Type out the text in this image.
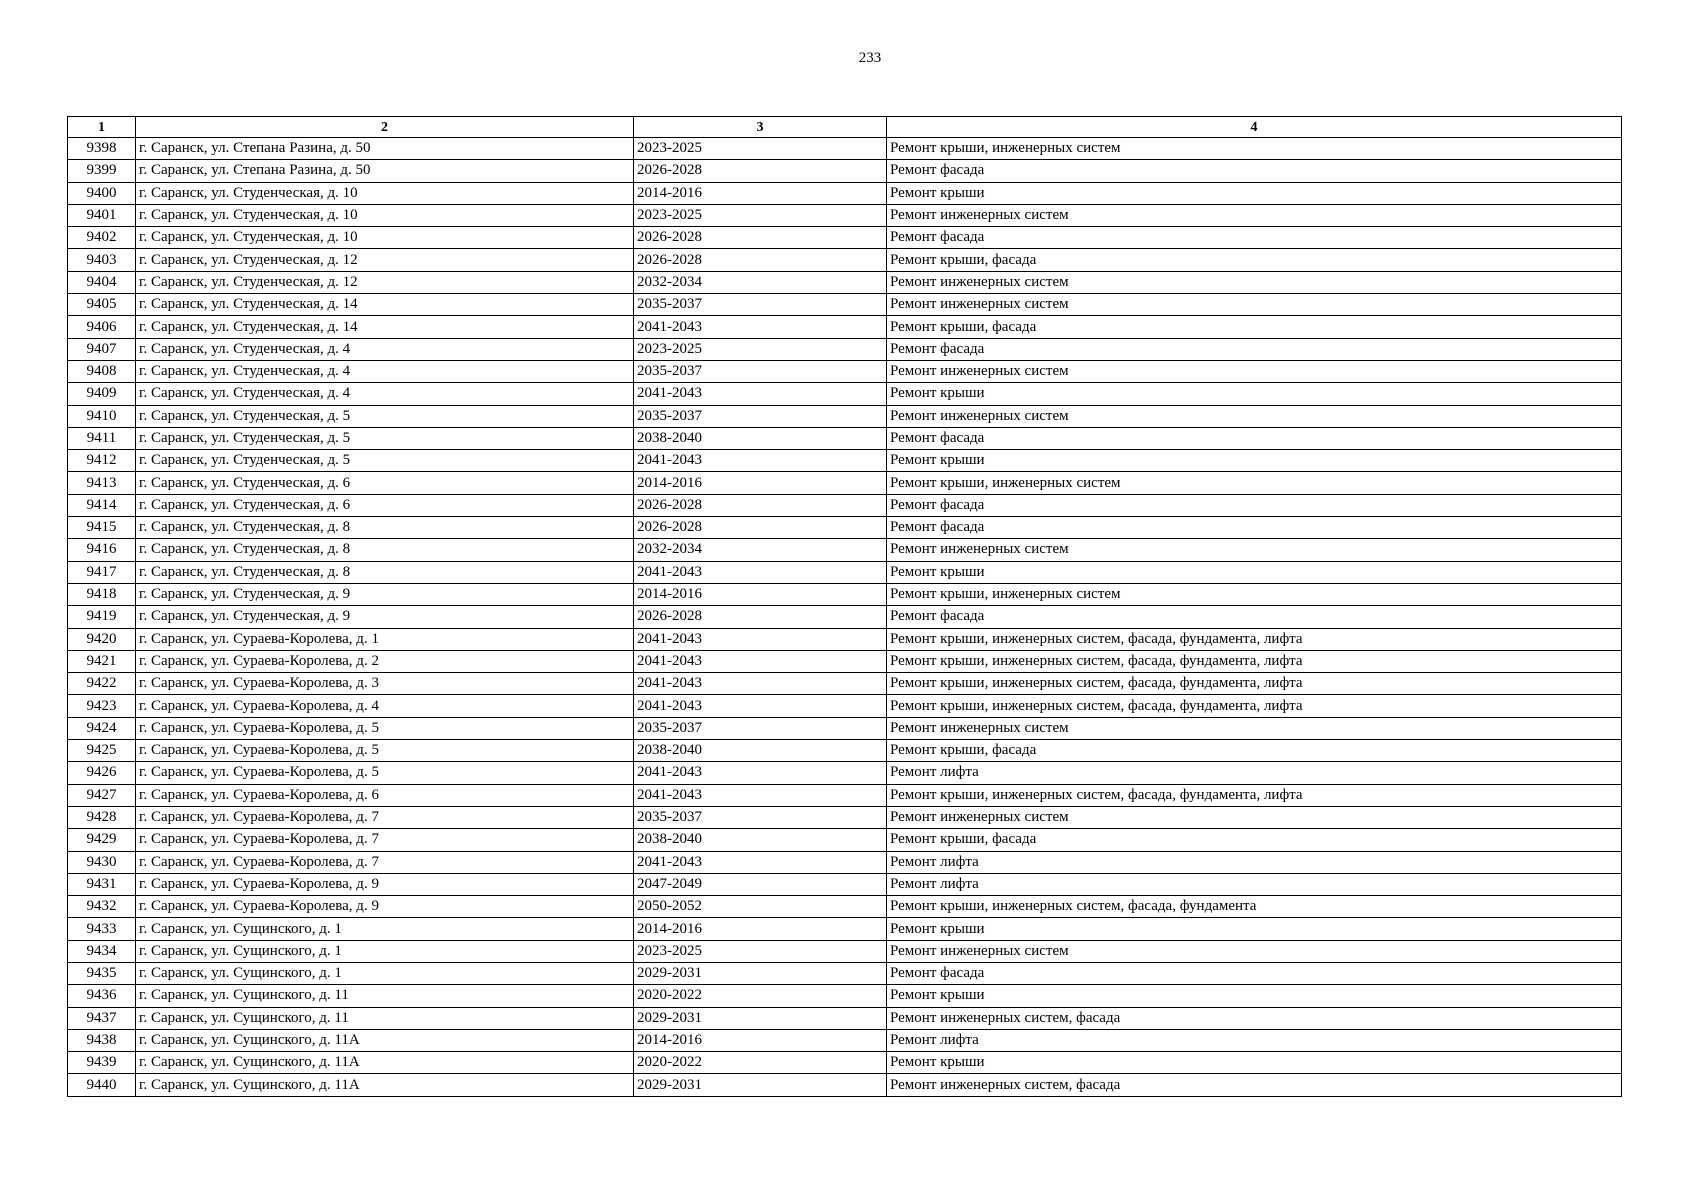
233
1	2	3	4
9398	г. Саранск, ул. Степана Разина, д. 50	2023-2025	Ремонт крыши, инженерных систем
9399	г. Саранск, ул. Степана Разина, д. 50	2026-2028	Ремонт фасада
9400	г. Саранск, ул. Студенческая, д. 10	2014-2016	Ремонт крыши
9401	г. Саранск, ул. Студенческая, д. 10	2023-2025	Ремонт инженерных систем
9402	г. Саранск, ул. Студенческая, д. 10	2026-2028	Ремонт фасада
9403	г. Саранск, ул. Студенческая, д. 12	2026-2028	Ремонт крыши, фасада
9404	г. Саранск, ул. Студенческая, д. 12	2032-2034	Ремонт инженерных систем
9405	г. Саранск, ул. Студенческая, д. 14	2035-2037	Ремонт инженерных систем
9406	г. Саранск, ул. Студенческая, д. 14	2041-2043	Ремонт крыши, фасада
9407	г. Саранск, ул. Студенческая, д. 4	2023-2025	Ремонт фасада
9408	г. Саранск, ул. Студенческая, д. 4	2035-2037	Ремонт инженерных систем
9409	г. Саранск, ул. Студенческая, д. 4	2041-2043	Ремонт крыши
9410	г. Саранск, ул. Студенческая, д. 5	2035-2037	Ремонт инженерных систем
9411	г. Саранск, ул. Студенческая, д. 5	2038-2040	Ремонт фасада
9412	г. Саранск, ул. Студенческая, д. 5	2041-2043	Ремонт крыши
9413	г. Саранск, ул. Студенческая, д. 6	2014-2016	Ремонт крыши, инженерных систем
9414	г. Саранск, ул. Студенческая, д. 6	2026-2028	Ремонт фасада
9415	г. Саранск, ул. Студенческая, д. 8	2026-2028	Ремонт фасада
9416	г. Саранск, ул. Студенческая, д. 8	2032-2034	Ремонт инженерных систем
9417	г. Саранск, ул. Студенческая, д. 8	2041-2043	Ремонт крыши
9418	г. Саранск, ул. Студенческая, д. 9	2014-2016	Ремонт крыши, инженерных систем
9419	г. Саранск, ул. Студенческая, д. 9	2026-2028	Ремонт фасада
9420	г. Саранск, ул. Сураева-Королева, д. 1	2041-2043	Ремонт крыши, инженерных систем, фасада, фундамента, лифта
9421	г. Саранск, ул. Сураева-Королева, д. 2	2041-2043	Ремонт крыши, инженерных систем, фасада, фундамента, лифта
9422	г. Саранск, ул. Сураева-Королева, д. 3	2041-2043	Ремонт крыши, инженерных систем, фасада, фундамента, лифта
9423	г. Саранск, ул. Сураева-Королева, д. 4	2041-2043	Ремонт крыши, инженерных систем, фасада, фундамента, лифта
9424	г. Саранск, ул. Сураева-Королева, д. 5	2035-2037	Ремонт инженерных систем
9425	г. Саранск, ул. Сураева-Королева, д. 5	2038-2040	Ремонт крыши, фасада
9426	г. Саранск, ул. Сураева-Королева, д. 5	2041-2043	Ремонт лифта
9427	г. Саранск, ул. Сураева-Королева, д. 6	2041-2043	Ремонт крыши, инженерных систем, фасада, фундамента, лифта
9428	г. Саранск, ул. Сураева-Королева, д. 7	2035-2037	Ремонт инженерных систем
9429	г. Саранск, ул. Сураева-Королева, д. 7	2038-2040	Ремонт крыши, фасада
9430	г. Саранск, ул. Сураева-Королева, д. 7	2041-2043	Ремонт лифта
9431	г. Саранск, ул. Сураева-Королева, д. 9	2047-2049	Ремонт лифта
9432	г. Саранск, ул. Сураева-Королева, д. 9	2050-2052	Ремонт крыши, инженерных систем, фасада, фундамента
9433	г. Саранск, ул. Сущинского, д. 1	2014-2016	Ремонт крыши
9434	г. Саранск, ул. Сущинского, д. 1	2023-2025	Ремонт инженерных систем
9435	г. Саранск, ул. Сущинского, д. 1	2029-2031	Ремонт фасада
9436	г. Саранск, ул. Сущинского, д. 11	2020-2022	Ремонт крыши
9437	г. Саранск, ул. Сущинского, д. 11	2029-2031	Ремонт инженерных систем, фасада
9438	г. Саранск, ул. Сущинского, д. 11А	2014-2016	Ремонт лифта
9439	г. Саранск, ул. Сущинского, д. 11А	2020-2022	Ремонт крыши
9440	г. Саранск, ул. Сущинского, д. 11А	2029-2031	Ремонт инженерных систем, фасада
